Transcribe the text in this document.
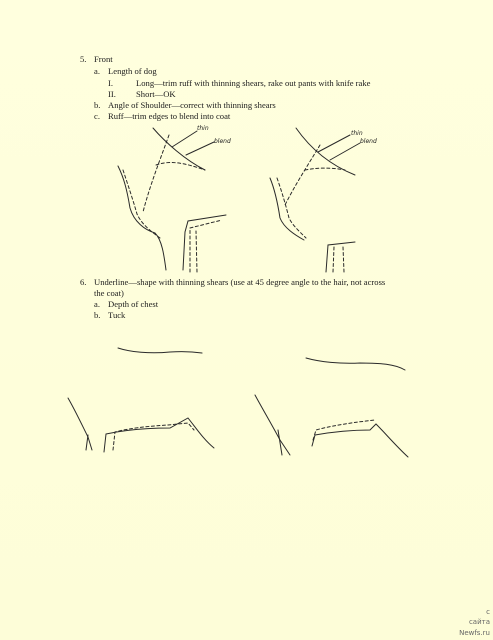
5. Front
a. Length of dog
I.	Long—trim ruff with thinning shears, rake out pants with knife rake
II. Short—OK
b. Angle of Shoulder—correct with thinning shears
c. Ruff—trim edges to blend into coat
6. Underline—shape with thinning shears (use at 45 degree angle to the hair, not across
the coat)
a. Depth of chest
b. Tuck
thin
blend
thin
blend
с
сайта
Newfs.ru
